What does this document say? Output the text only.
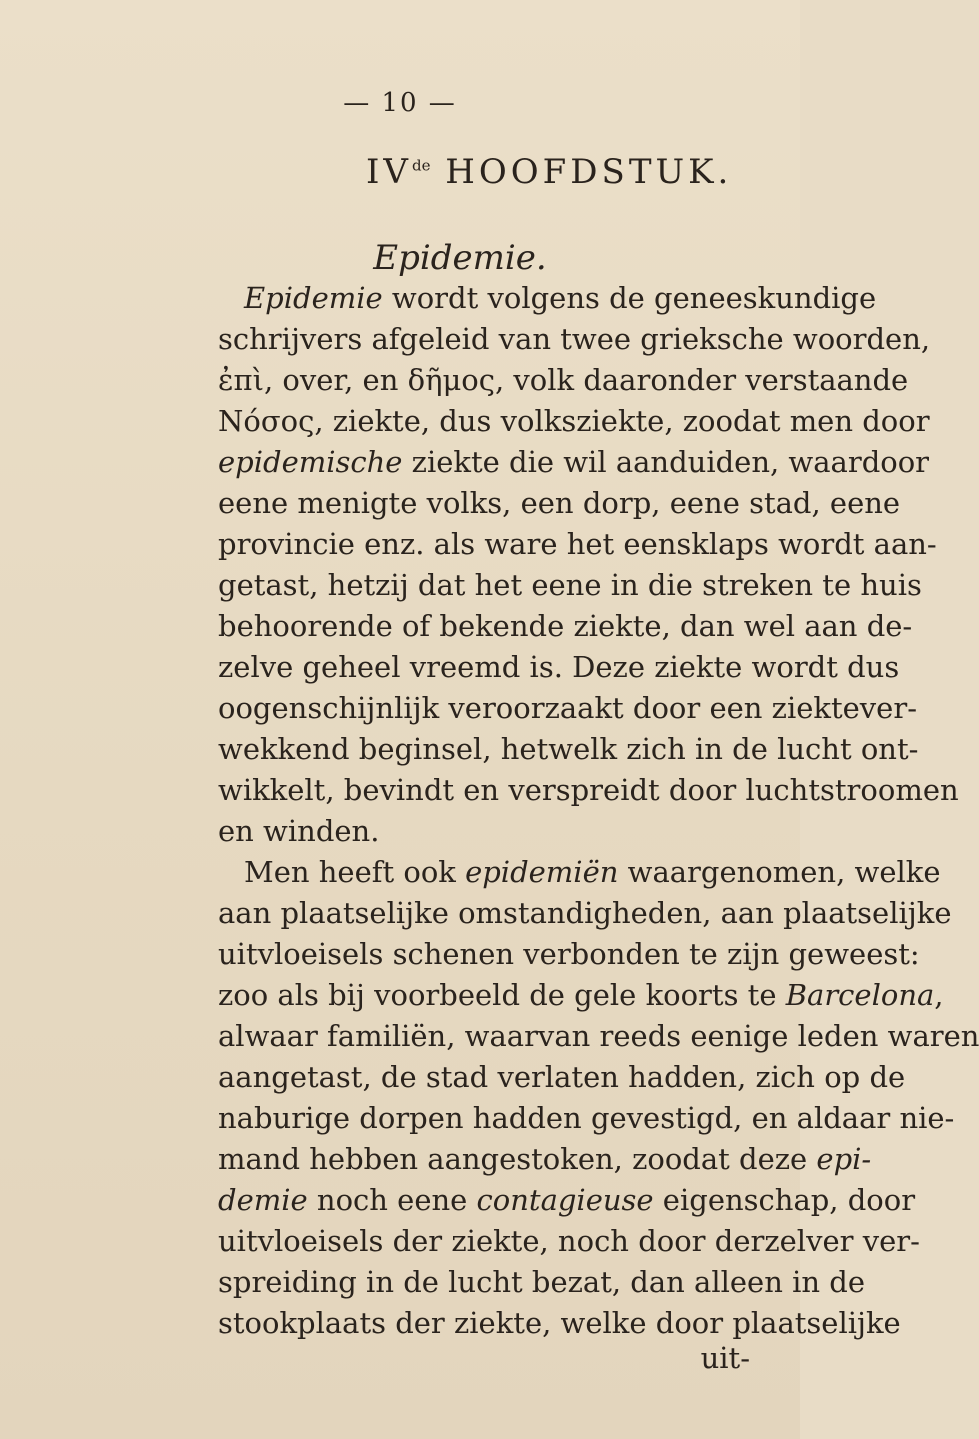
— 10 —
IVde HOOFDSTUK.
Epidemie.
Epidemie wordt volgens de geneeskundige
schrijvers afgeleid van twee grieksche woorden,
ἐπὶ, over, en δῆμος, volk daaronder verstaande
Νόσος, ziekte, dus volksziekte, zoodat men door
epidemische ziekte die wil aanduiden, waardoor
eene menigte volks, een dorp, eene stad, eene
provincie enz. als ware het eensklaps wordt aan-
getast, hetzij dat het eene in die streken te huis
behoorende of bekende ziekte, dan wel aan de-
zelve geheel vreemd is. Deze ziekte wordt dus
oogenschijnlijk veroorzaakt door een ziektever-
wekkend beginsel, hetwelk zich in de lucht ont-
wikkelt, bevindt en verspreidt door luchtstroomen
en winden.
Men heeft ook epidemiën waargenomen, welke
aan plaatselijke omstandigheden, aan plaatselijke
uitvloeisels schenen verbonden te zijn geweest:
zoo als bij voorbeeld de gele koorts te Barcelona,
alwaar familiën, waarvan reeds eenige leden waren
aangetast, de stad verlaten hadden, zich op de
naburige dorpen hadden gevestigd, en aldaar nie-
mand hebben aangestoken, zoodat deze epi-
demie noch eene contagieuse eigenschap, door
uitvloeisels der ziekte, noch door derzelver ver-
spreiding in de lucht bezat, dan alleen in de
stookplaats der ziekte, welke door plaatselijke
uit-
